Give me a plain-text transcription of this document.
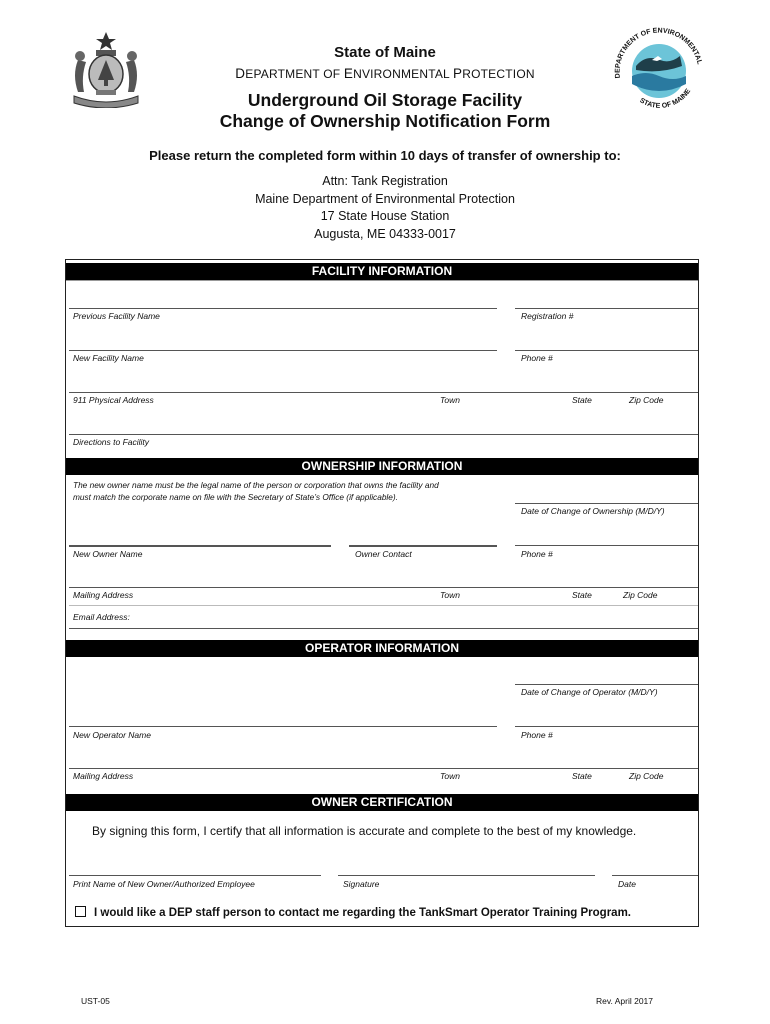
DEPARTMENT OF ENVIRONMENTAL
STATE OF MAINE
State of Maine
DEPARTMENT OF ENVIRONMENTAL PROTECTION
Underground Oil Storage Facility
Change of Ownership Notification Form
Please return the completed form within 10 days of transfer of ownership to:
Attn: Tank Registration
Maine Department of Environmental Protection
17 State House Station
Augusta, ME 04333-0017
FACILITY INFORMATION
Previous Facility Name	Registration #
New Facility Name	Phone #
911 Physical Address	Town	State	Zip Code
Directions to Facility
OWNERSHIP INFORMATION
The new owner name must be the legal name of the person or corporation that owns the facility and
must match the corporate name on file with the Secretary of State’s Office (if applicable).
Date of Change of Ownership (M/D/Y)
New Owner Name	Owner Contact	Phone #
Mailing Address	Town	State	Zip Code
Email Address:
OPERATOR INFORMATION
Date of Change of Operator (M/D/Y)
New Operator Name	Phone #
Mailing Address	Town	State	Zip Code
OWNER CERTIFICATION
By signing this form, I certify that all information is accurate and complete to the best of my knowledge.
Print Name of New Owner/Authorized Employee	Signature	Date
I would like a DEP staff person to contact me regarding the TankSmart Operator Training Program.
UST-05	Rev. April 2017
